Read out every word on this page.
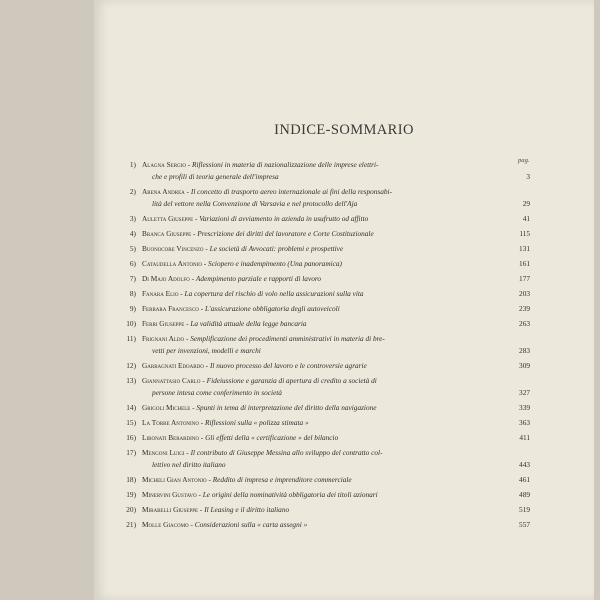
INDICE-SOMMARIO
pag.
1) Alagna Sergio - Riflessioni in materia di nazionalizzazione delle imprese elettri-
che e profili di teoria generale dell'impresa	3
2) Arena Andrea - Il concetto di trasporto aereo internazionale ai fini della responsabi-
lità del vettore nella Convenzione di Varsavia e nel protocollo dell'Aja	29
3) Auletta Giuseppe - Variazioni di avviamento in azienda in usufrutto od affitto	41
4) Branca Giuseppe - Prescrizione dei diritti del lavoratore e Corte Costituzionale	115
5) Buonocore Vincenzo - Le società di Avvocati: problemi e prospettive	131
6) Cataudella Antonio - Sciopero e inadempimento (Una panoramica)	161
7) Di Majo Adolfo - Adempimento parziale e rapporti di lavoro	177
8) Fanara Elio - La copertura del rischio di volo nella assicurazioni sulla vita	203
9) Ferrara Francesco - L'assicurazione obbligatoria degli autoveicoli	239
10) Ferri Giuseppe - La validità attuale della legge bancaria	263
11) Frignani Aldo - Semplificazione dei procedimenti amministrativi in materia di bre-
vetti per invenzioni, modelli e marchi	283
12) Garbagnati Edoardo - Il nuovo processo del lavoro e le controversie agrarie	309
13) Giannattasio Carlo - Fideiussione e garanzia di apertura di credito a società di
persone intesa come conferimento in società	327
14) Grigoli Michele - Spunti in tema di interpretazione del diritto della navigazione	339
15) La Torre Antonino - Riflessioni sulla « polizza stimata »	363
16) Libonati Berardino - Gli effetti della « certificazione » del bilancio	411
17) Mengoni Luigi - Il contributo di Giuseppe Messina allo sviluppo del contratto col-
lettivo nel diritto italiano	443
18) Micheli Gian Antonio - Reddito di impresa e imprenditore commerciale	461
19) Minervini Gustavo - Le origini della nominatività obbligatoria dei titoli azionari	489
20) Mirabelli Giuseppe - Il Leasing e il diritto italiano	519
21) Molle Giacomo - Considerazioni sulla « carta assegni »	557
